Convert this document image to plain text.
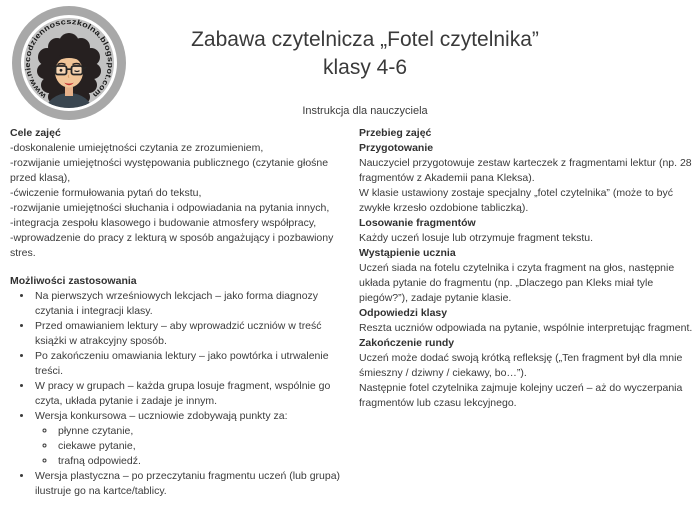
www.niecodziennoscszkolna.blogspot.com
Zabawa czytelnicza „Fotel czytelnika”
klasy 4-6
Instrukcja dla nauczyciela
Cele zajęć

-doskonalenie umiejętności czytania ze zrozumieniem,

-rozwijanie umiejętności występowania publicznego (czytanie głośne przed klasą),

-ćwiczenie formułowania pytań do tekstu,

-rozwijanie umiejętności słuchania i odpowiadania na pytania innych,

-integracja zespołu klasowego i budowanie atmosfery współpracy,

-wprowadzenie do pracy z lekturą w sposób angażujący i pozbawiony stres.

Możliwości zastosowania
• Na pierwszych wrześniowych lekcjach – jako forma diagnozy czytania i integracji klasy.
• Przed omawianiem lektury – aby wprowadzić uczniów w treść książki w atrakcyjny sposób.
• Po zakończeniu omawiania lektury – jako powtórka i utrwalenie treści.
• W pracy w grupach – każda grupa losuje fragment, wspólnie go czyta, układa pytanie i zadaje je innym.
• Wersja konkursowa – uczniowie zdobywają punkty za:
◦ płynne czytanie,
◦ ciekawe pytanie,
◦ trafną odpowiedź.
• Wersja plastyczna – po przeczytaniu fragmentu uczeń (lub grupa) ilustruje go na kartce/tablicy.
Przebieg zajęć
Przygotowanie

Nauczyciel przygotowuje zestaw karteczek z fragmentami lektur (np. 28 fragmentów z Akademii pana Kleksa).

W klasie ustawiony zostaje specjalny „fotel czytelnika” (może to być zwykłe krzesło ozdobione tabliczką).

Losowanie fragmentów

Każdy uczeń losuje lub otrzymuje fragment tekstu.

Wystąpienie ucznia

Uczeń siada na fotelu czytelnika i czyta fragment na głos, następnie układa pytanie do fragmentu (np. „Dlaczego pan Kleks miał tyle piegów?”), zadaje pytanie klasie.

Odpowiedzi klasy

Reszta uczniów odpowiada na pytanie, wspólnie interpretując fragment.

Zakończenie rundy

Uczeń może dodać swoją krótką refleksję („Ten fragment był dla mnie śmieszny / dziwny / ciekawy, bo…”).

Następnie fotel czytelnika zajmuje kolejny uczeń – aż do wyczerpania fragmentów lub czasu lekcyjnego.
